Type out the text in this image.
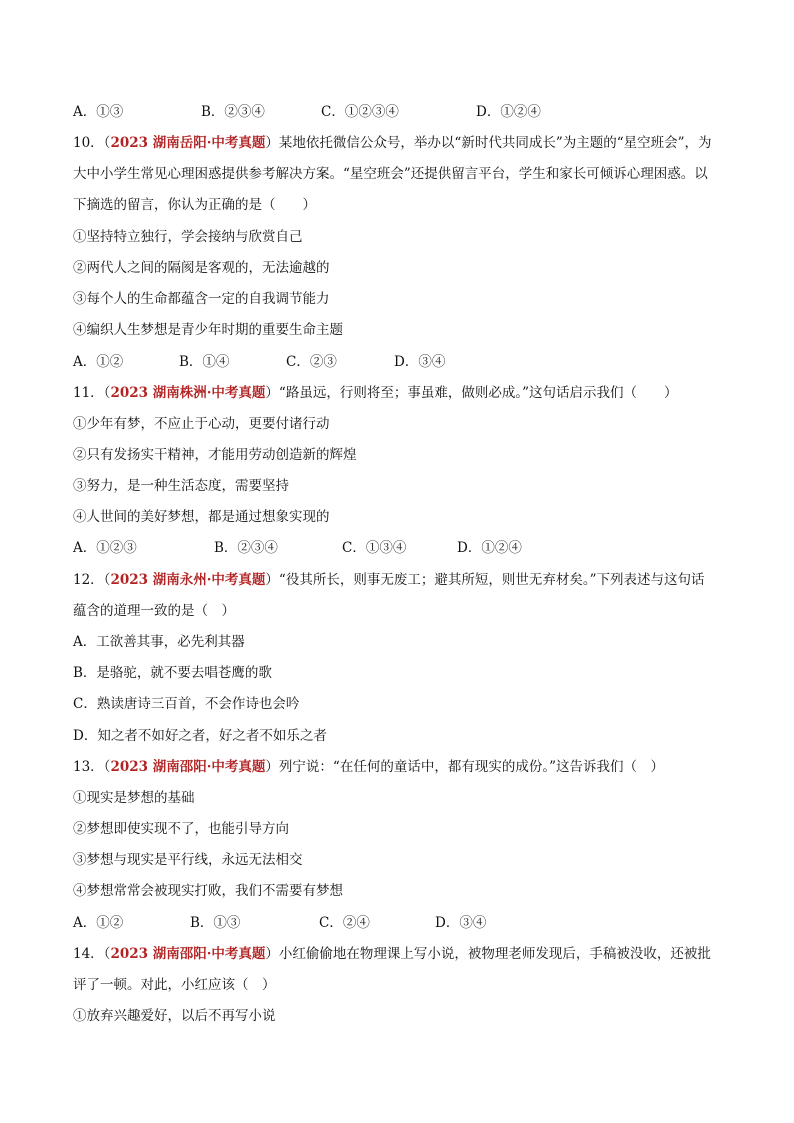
A．①③	B．②③④	C．①②③④	D．①②④
10．（2023 湖南岳阳·中考真题）某地依托微信公众号，举办以“新时代共同成长”为主题的“星空班会”，为
大中小学生常见心理困惑提供参考解决方案。“星空班会”还提供留言平台，学生和家长可倾诉心理困惑。以
下摘选的留言，你认为正确的是（　　）
①坚持特立独行，学会接纳与欣赏自己
②两代人之间的隔阂是客观的，无法逾越的
③每个人的生命都蕴含一定的自我调节能力
④编织人生梦想是青少年时期的重要生命主题
A．①②	B．①④	C．②③	D．③④
11．（2023 湖南株洲·中考真题）“路虽远，行则将至；事虽难，做则必成。”这句话启示我们（　　）
①少年有梦，不应止于心动，更要付诸行动
②只有发扬实干精神，才能用劳动创造新的辉煌
③努力，是一种生活态度，需要坚持
④人世间的美好梦想，都是通过想象实现的
A．①②③	B．②③④	C．①③④	D．①②④
12．（2023 湖南永州·中考真题）“役其所长，则事无废工；避其所短，则世无弃材矣。”下列表述与这句话
蕴含的道理一致的是（　）
A．工欲善其事，必先利其器
B．是骆驼，就不要去唱苍鹰的歌
C．熟读唐诗三百首，不会作诗也会吟
D．知之者不如好之者，好之者不如乐之者
13．（2023 湖南邵阳·中考真题）列宁说：“在任何的童话中，都有现实的成份。”这告诉我们（　）
①现实是梦想的基础
②梦想即使实现不了，也能引导方向
③梦想与现实是平行线，永远无法相交
④梦想常常会被现实打败，我们不需要有梦想
A．①②	B．①③	C．②④	D．③④
14．（2023 湖南邵阳·中考真题）小红偷偷地在物理课上写小说，被物理老师发现后，手稿被没收，还被批
评了一顿。对此，小红应该（　）
①放弃兴趣爱好，以后不再写小说
